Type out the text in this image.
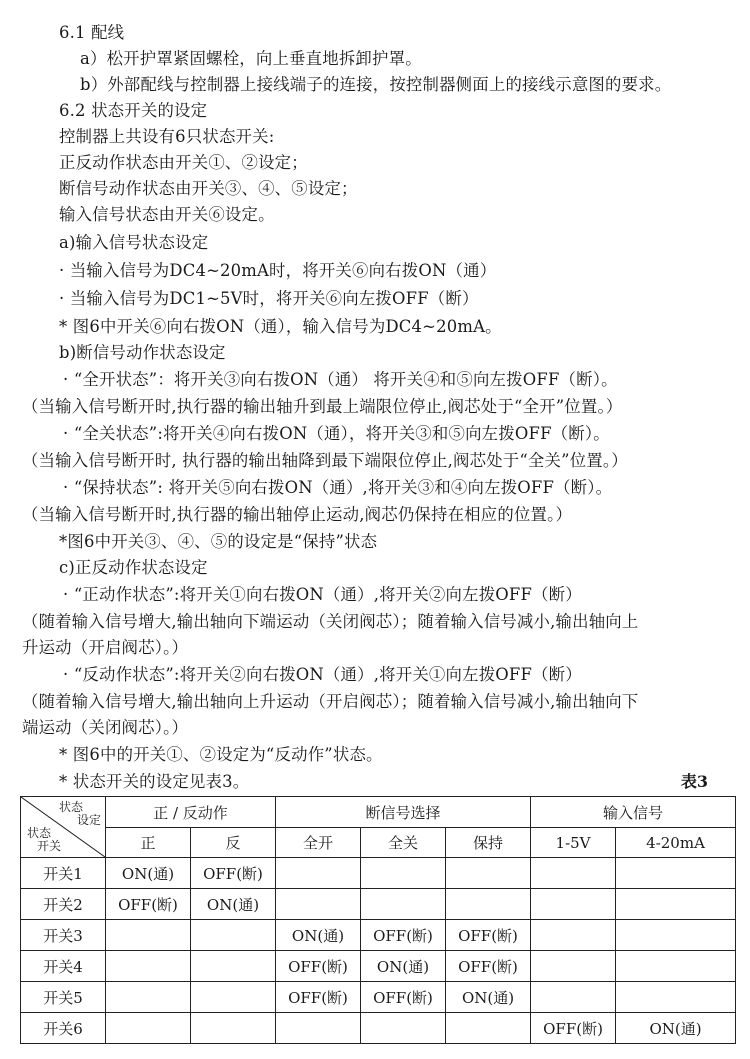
6.1 配线
a）松开护罩紧固螺栓，向上垂直地拆卸护罩。
b）外部配线与控制器上接线端子的连接，按控制器侧面上的接线示意图的要求。
6.2 状态开关的设定
控制器上共设有6只状态开关:
正反动作状态由开关①、②设定；
断信号动作状态由开关③、④、⑤设定；
输入信号状态由开关⑥设定。
a)输入信号状态设定
· 当输入信号为DC4~20mA时，将开关⑥向右拨ON（通）
· 当输入信号为DC1~5V时，将开关⑥向左拨OFF（断）
* 图6中开关⑥向右拨ON（通），输入信号为DC4~20mA。
b)断信号动作状态设定
· “全开状态”：将开关③向右拨ON（通） 将开关④和⑤向左拨OFF（断）。
（当输入信号断开时,执行器的输出轴升到最上端限位停止,阀芯处于“全开”位置。）
· “全关状态”:将开关④向右拨ON（通），将开关③和⑤向左拨OFF（断）。
（当输入信号断开时, 执行器的输出轴降到最下端限位停止,阀芯处于“全关”位置。）
· “保持状态”: 将开关⑤向右拨ON（通）,将开关③和④向左拨OFF（断）。
（当输入信号断开时,执行器的输出轴停止运动,阀芯仍保持在相应的位置。）
*图6中开关③、④、⑤的设定是“保持”状态
c)正反动作状态设定
· “正动作状态”:将开关①向右拨ON（通）,将开关②向左拨OFF（断）
（随着输入信号增大,输出轴向下端运动（关闭阀芯）；随着输入信号减小,输出轴向上
升运动（开启阀芯）。）
· “反动作状态”:将开关②向右拨ON（通）,将开关①向左拨OFF（断）
（随着输入信号增大,输出轴向上升运动（开启阀芯）；随着输入信号减小,输出轴向下
端运动（关闭阀芯）。）
* 图6中的开关①、②设定为“反动作”状态。
* 状态开关的设定见表3。	表3
状态
设定
状态
开关	正 / 反动作		断信号选择			输入信号	
	正	反	全开	全关	保持	1-5V	4-20mA
开关1	ON(通)	OFF(断)					
开关2	OFF(断)	ON(通)					
开关3			ON(通)	OFF(断)	OFF(断)		
开关4			OFF(断)	ON(通)	OFF(断)		
开关5			OFF(断)	OFF(断)	ON(通)		
开关6						OFF(断)	ON(通)
